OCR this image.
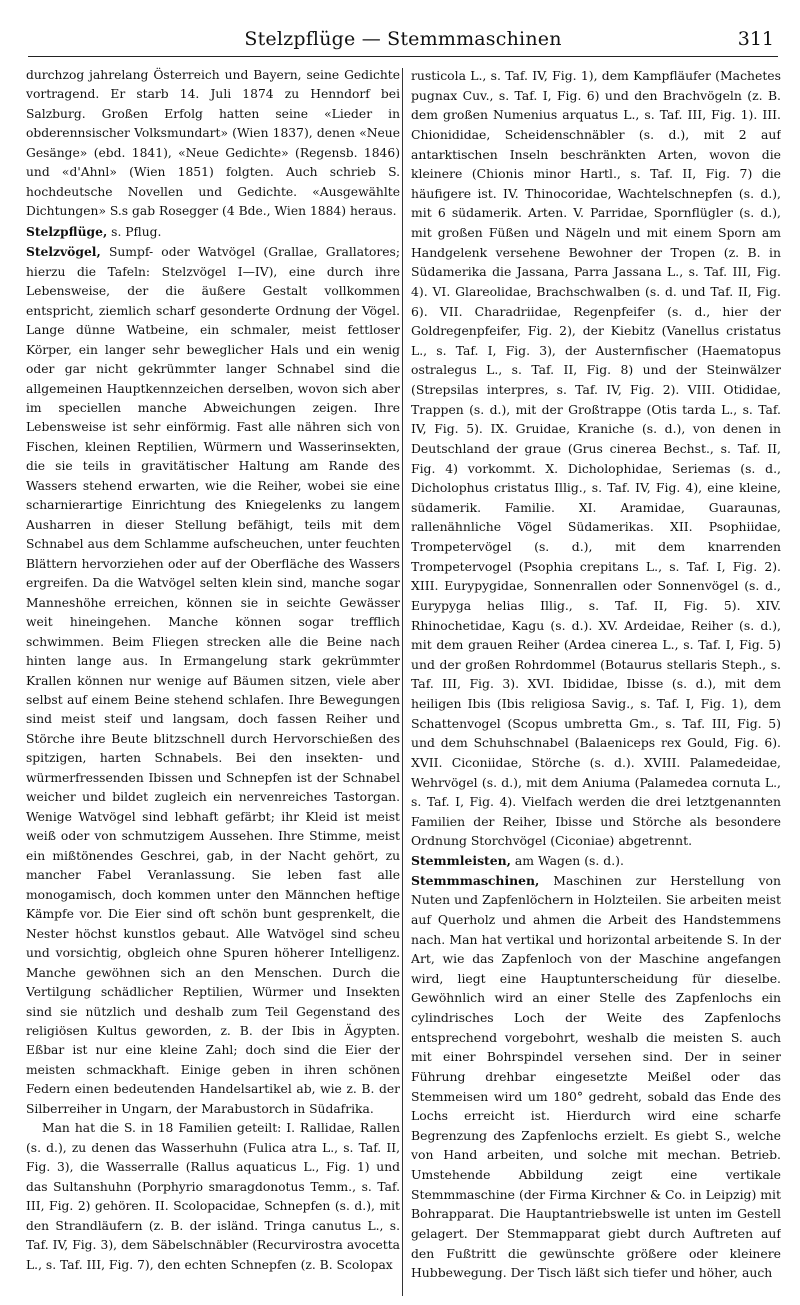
Stelzpflüge — Stemmmaschinen	311

durchzog jahrelang Österreich und Bayern, seine Gedichte vortragend. Er starb 14. Juli 1874 zu Henndorf bei Salzburg. Großen Erfolg hatten seine «Lieder in obderennsischer Volksmundart» (Wien 1837), denen «Neue Gesänge» (ebd. 1841), «Neue Gedichte» (Regensb. 1846) und «d'Ahnl» (Wien 1851) folgten. Auch schrieb S. hochdeutsche Novellen und Gedichte. «Ausgewählte Dichtungen» S.s gab Rosegger (4 Bde., Wien 1884) heraus.

Stelzpflüge, s. Pflug.

Stelzvögel, Sumpf- oder Watvögel (Grallae, Grallatores; hierzu die Tafeln: Stelzvögel I—IV), eine durch ihre Lebensweise, der die äußere Gestalt vollkommen entspricht, ziemlich scharf gesonderte Ordnung der Vögel. Lange dünne Watbeine, ein schmaler, meist fettloser Körper, ein langer sehr beweglicher Hals und ein wenig oder gar nicht gekrümmter langer Schnabel sind die allgemeinen Hauptkennzeichen derselben, wovon sich aber im speciellen manche Abweichungen zeigen. Ihre Lebensweise ist sehr einförmig. Fast alle nähren sich von Fischen, kleinen Reptilien, Würmern und Wasserinsekten, die sie teils in gravitätischer Haltung am Rande des Wassers stehend erwarten, wie die Reiher, wobei sie eine scharnierartige Einrichtung des Kniegelenks zu langem Ausharren in dieser Stellung befähigt, teils mit dem Schnabel aus dem Schlamme aufscheuchen, unter feuchten Blättern hervorziehen oder auf der Oberfläche des Wassers ergreifen. Da die Watvögel selten klein sind, manche sogar Manneshöhe erreichen, können sie in seichte Gewässer weit hineingehen. Manche können sogar trefflich schwimmen. Beim Fliegen strecken alle die Beine nach hinten lange aus. In Ermangelung stark gekrümmter Krallen können nur wenige auf Bäumen sitzen, viele aber selbst auf einem Beine stehend schlafen. Ihre Bewegungen sind meist steif und langsam, doch fassen Reiher und Störche ihre Beute blitzschnell durch Hervorschießen des spitzigen, harten Schnabels. Bei den insekten- und würmerfressenden Ibissen und Schnepfen ist der Schnabel weicher und bildet zugleich ein nervenreiches Tastorgan. Wenige Watvögel sind lebhaft gefärbt; ihr Kleid ist meist weiß oder von schmutzigem Aussehen. Ihre Stimme, meist ein mißtönendes Geschrei, gab, in der Nacht gehört, zu mancher Fabel Veranlassung. Sie leben fast alle monogamisch, doch kommen unter den Männchen heftige Kämpfe vor. Die Eier sind oft schön bunt gesprenkelt, die Nester höchst kunstlos gebaut. Alle Watvögel sind scheu und vorsichtig, obgleich ohne Spuren höherer Intelligenz. Manche gewöhnen sich an den Menschen. Durch die Vertilgung schädlicher Reptilien, Würmer und Insekten sind sie nützlich und deshalb zum Teil Gegenstand des religiösen Kultus geworden, z. B. der Ibis in Ägypten. Eßbar ist nur eine kleine Zahl; doch sind die Eier der meisten schmackhaft. Einige geben in ihren schönen Federn einen bedeutenden Handelsartikel ab, wie z. B. der Silberreiher in Ungarn, der Marabustorch in Südafrika.

Man hat die S. in 18 Familien geteilt: I. Rallidae, Rallen (s. d.), zu denen das Wasserhuhn (Fulica atra L., s. Taf. II, Fig. 3), die Wasserralle (Rallus aquaticus L., Fig. 1) und das Sultanshuhn (Porphyrio smaragdonotus Temm., s. Taf. III, Fig. 2) gehören. II. Scolopacidae, Schnepfen (s. d.), mit den Strandläufern (z. B. der isländ. Tringa canutus L., s. Taf. IV, Fig. 3), dem Säbelschnäbler (Recurvirostra avocetta L., s. Taf. III, Fig. 7), den echten Schnepfen (z. B. Scolopax

rusticola L., s. Taf. IV, Fig. 1), dem Kampfläufer (Machetes pugnax Cuv., s. Taf. I, Fig. 6) und den Brachvögeln (z. B. dem großen Numenius arquatus L., s. Taf. III, Fig. 1). III. Chionididae, Scheidenschnäbler (s. d.), mit 2 auf antarktischen Inseln beschränkten Arten, wovon die kleinere (Chionis minor Hartl., s. Taf. II, Fig. 7) die häufigere ist. IV. Thinocoridae, Wachtelschnepfen (s. d.), mit 6 südamerik. Arten. V. Parridae, Spornflügler (s. d.), mit großen Füßen und Nägeln und mit einem Sporn am Handgelenk versehene Bewohner der Tropen (z. B. in Südamerika die Jassana, Parra Jassana L., s. Taf. III, Fig. 4). VI. Glareolidae, Brachschwalben (s. d. und Taf. II, Fig. 6). VII. Charadriidae, Regenpfeifer (s. d., hier der Goldregenpfeifer, Fig. 2), der Kiebitz (Vanellus cristatus L., s. Taf. I, Fig. 3), der Austernfischer (Haematopus ostralegus L., s. Taf. II, Fig. 8) und der Steinwälzer (Strepsilas interpres, s. Taf. IV, Fig. 2). VIII. Otididae, Trappen (s. d.), mit der Großtrappe (Otis tarda L., s. Taf. IV, Fig. 5). IX. Gruidae, Kraniche (s. d.), von denen in Deutschland der graue (Grus cinerea Bechst., s. Taf. II, Fig. 4) vorkommt. X. Dicholophidae, Seriemas (s. d., Dicholophus cristatus Illig., s. Taf. IV, Fig. 4), eine kleine, südamerik. Familie. XI. Aramidae, Guaraunas, rallenähnliche Vögel Südamerikas. XII. Psophiidae, Trompetervögel (s. d.), mit dem knarrenden Trompetervogel (Psophia crepitans L., s. Taf. I, Fig. 2). XIII. Eurypygidae, Sonnenrallen oder Sonnenvögel (s. d., Eurypyga helias Illig., s. Taf. II, Fig. 5). XIV. Rhinochetidae, Kagu (s. d.). XV. Ardeidae, Reiher (s. d.), mit dem grauen Reiher (Ardea cinerea L., s. Taf. I, Fig. 5) und der großen Rohrdommel (Botaurus stellaris Steph., s. Taf. III, Fig. 3). XVI. Ibididae, Ibisse (s. d.), mit dem heiligen Ibis (Ibis religiosa Savig., s. Taf. I, Fig. 1), dem Schattenvogel (Scopus umbretta Gm., s. Taf. III, Fig. 5) und dem Schuhschnabel (Balaeniceps rex Gould, Fig. 6). XVII. Ciconiidae, Störche (s. d.). XVIII. Palamedeidae, Wehrvögel (s. d.), mit dem Aniuma (Palamedea cornuta L., s. Taf. I, Fig. 4). Vielfach werden die drei letztgenannten Familien der Reiher, Ibisse und Störche als besondere Ordnung Storchvögel (Ciconiae) abgetrennt.

Stemmleisten, am Wagen (s. d.).

Stemmmaschinen, Maschinen zur Herstellung von Nuten und Zapfenlöchern in Holzteilen. Sie arbeiten meist auf Querholz und ahmen die Arbeit des Handstemmens nach. Man hat vertikal und horizontal arbeitende S. In der Art, wie das Zapfenloch von der Maschine angefangen wird, liegt eine Hauptunterscheidung für dieselbe. Gewöhnlich wird an einer Stelle des Zapfenlochs ein cylindrisches Loch der Weite des Zapfenlochs entsprechend vorgebohrt, weshalb die meisten S. auch mit einer Bohrspindel versehen sind. Der in seiner Führung drehbar eingesetzte Meißel oder das Stemmeisen wird um 180° gedreht, sobald das Ende des Lochs erreicht ist. Hierdurch wird eine scharfe Begrenzung des Zapfenlochs erzielt. Es giebt S., welche von Hand arbeiten, und solche mit mechan. Betrieb. Umstehende Abbildung zeigt eine vertikale Stemmmaschine (der Firma Kirchner & Co. in Leipzig) mit Bohrapparat. Die Hauptantriebswelle ist unten im Gestell gelagert. Der Stemmapparat giebt durch Auftreten auf den Fußtritt die gewünschte größere oder kleinere Hubbewegung. Der Tisch läßt sich tiefer und höher, auch
